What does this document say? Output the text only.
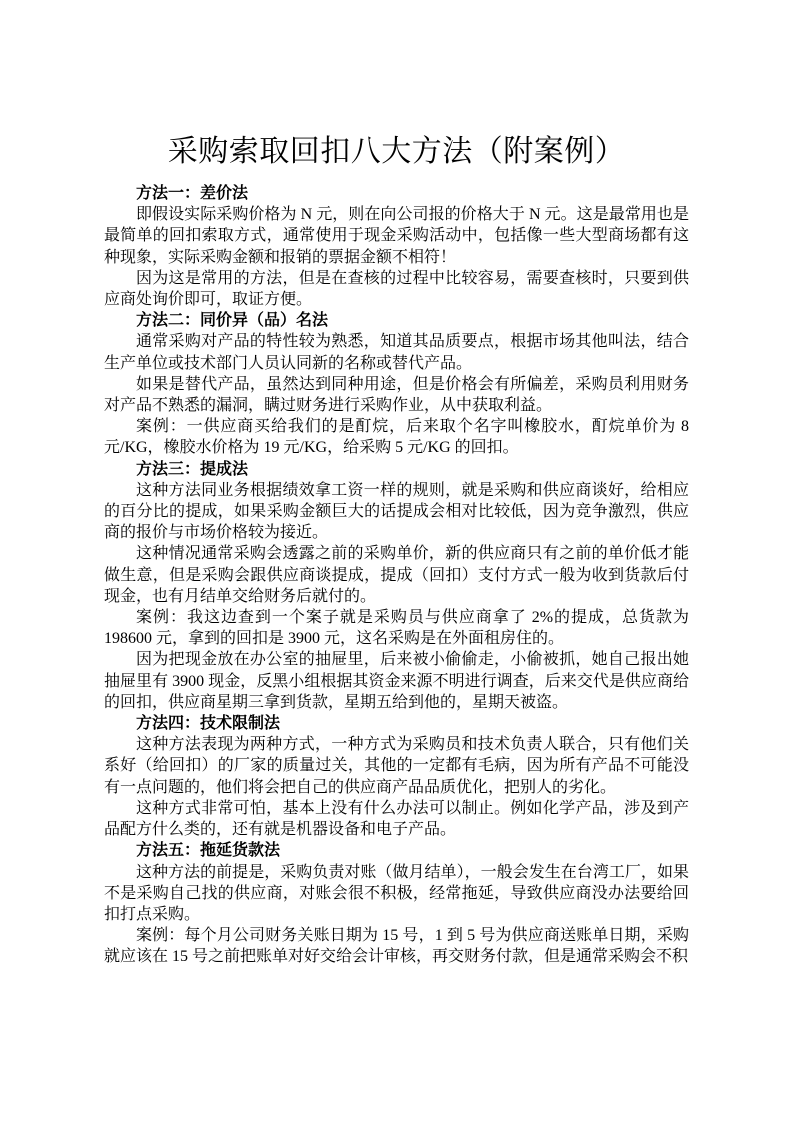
采购索取回扣八大方法（附案例）
方法一：差价法

即假设实际采购价格为 N 元，则在向公司报的价格大于 N 元。这是最常用也是最简单的回扣索取方式，通常使用于现金采购活动中，包括像一些大型商场都有这种现象，实际采购金额和报销的票据金额不相符！

因为这是常用的方法，但是在查核的过程中比较容易，需要查核时，只要到供应商处询价即可，取证方便。

方法二：同价异（品）名法

通常采购对产品的特性较为熟悉，知道其品质要点，根据市场其他叫法，结合生产单位或技术部门人员认同新的名称或替代产品。

如果是替代产品，虽然达到同种用途，但是价格会有所偏差，采购员利用财务对产品不熟悉的漏洞，瞒过财务进行采购作业，从中获取利益。

案例：一供应商买给我们的是酊烷，后来取个名字叫橡胶水，酊烷单价为 8 元/KG，橡胶水价格为 19 元/KG，给采购 5 元/KG 的回扣。

方法三：提成法

这种方法同业务根据绩效拿工资一样的规则，就是采购和供应商谈好，给相应的百分比的提成，如果采购金额巨大的话提成会相对比较低，因为竞争激烈，供应商的报价与市场价格较为接近。

这种情况通常采购会透露之前的采购单价，新的供应商只有之前的单价低才能做生意，但是采购会跟供应商谈提成，提成（回扣）支付方式一般为收到货款后付现金，也有月结单交给财务后就付的。

案例：我这边查到一个案子就是采购员与供应商拿了 2%的提成，总货款为 198600 元，拿到的回扣是 3900 元，这名采购是在外面租房住的。

因为把现金放在办公室的抽屉里，后来被小偷偷走，小偷被抓，她自己报出她抽屉里有 3900 现金，反黑小组根据其资金来源不明进行调查，后来交代是供应商给的回扣，供应商星期三拿到货款，星期五给到他的，星期天被盗。

方法四：技术限制法

这种方法表现为两种方式，一种方式为采购员和技术负责人联合，只有他们关系好（给回扣）的厂家的质量过关，其他的一定都有毛病，因为所有产品不可能没有一点问题的，他们将会把自己的供应商产品品质优化，把别人的劣化。

这种方式非常可怕，基本上没有什么办法可以制止。例如化学产品，涉及到产品配方什么类的，还有就是机器设备和电子产品。

方法五：拖延货款法

这种方法的前提是，采购负责对账（做月结单），一般会发生在台湾工厂，如果不是采购自己找的供应商，对账会很不积极，经常拖延，导致供应商没办法要给回扣打点采购。

案例：每个月公司财务关账日期为 15 号，1 到 5 号为供应商送账单日期，采购就应该在 15 号之前把账单对好交给会计审核，再交财务付款，但是通常采购会不积
